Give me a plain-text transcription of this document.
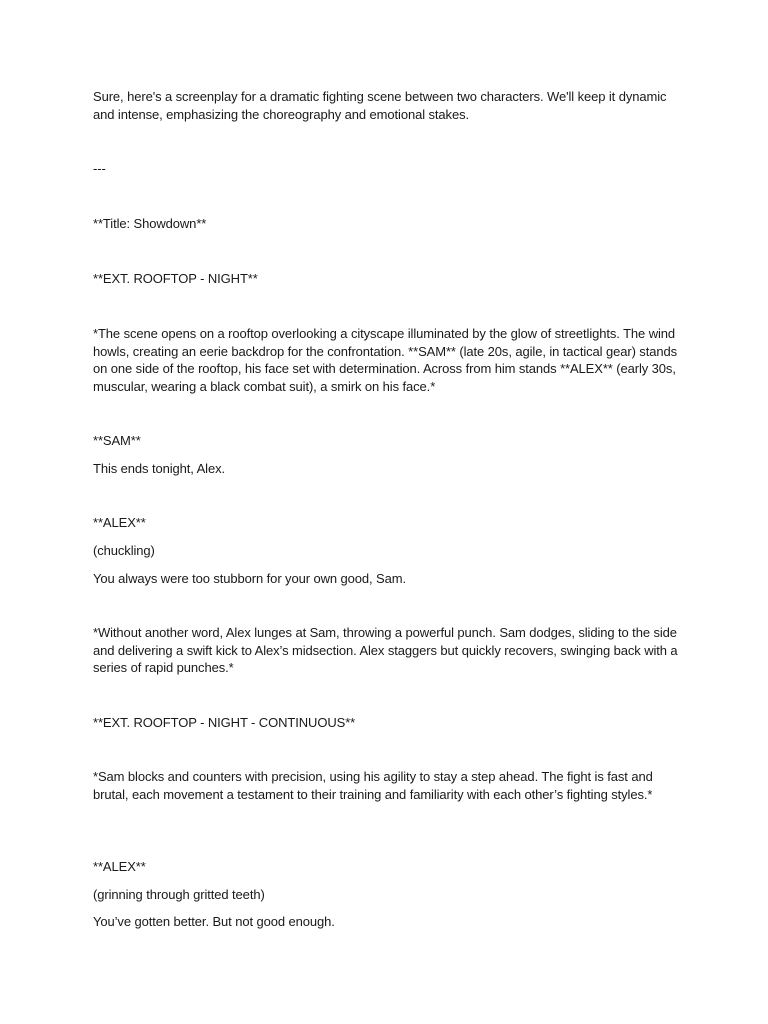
Sure, here's a screenplay for a dramatic fighting scene between two characters. We'll keep it dynamic and intense, emphasizing the choreography and emotional stakes.

---

**Title: Showdown**

**EXT. ROOFTOP - NIGHT**

*The scene opens on a rooftop overlooking a cityscape illuminated by the glow of streetlights. The wind howls, creating an eerie backdrop for the confrontation. **SAM** (late 20s, agile, in tactical gear) stands on one side of the rooftop, his face set with determination. Across from him stands **ALEX** (early 30s, muscular, wearing a black combat suit), a smirk on his face.*

**SAM**

This ends tonight, Alex.

**ALEX**

(chuckling)

You always were too stubborn for your own good, Sam.

*Without another word, Alex lunges at Sam, throwing a powerful punch. Sam dodges, sliding to the side and delivering a swift kick to Alex’s midsection. Alex staggers but quickly recovers, swinging back with a series of rapid punches.*

**EXT. ROOFTOP - NIGHT - CONTINUOUS**

*Sam blocks and counters with precision, using his agility to stay a step ahead. The fight is fast and brutal, each movement a testament to their training and familiarity with each other’s fighting styles.*

**ALEX**

(grinning through gritted teeth)

You’ve gotten better. But not good enough.
